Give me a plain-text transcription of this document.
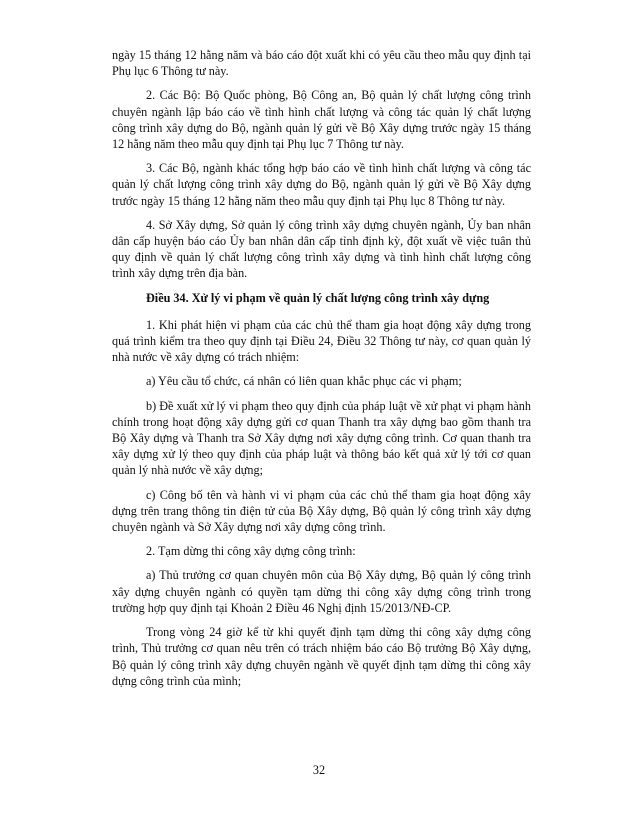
ngày 15 tháng 12 hằng năm và báo cáo đột xuất khi có yêu cầu theo mẫu quy định tại Phụ lục 6 Thông tư này.

2. Các Bộ: Bộ Quốc phòng, Bộ Công an, Bộ quản lý chất lượng công trình chuyên ngành lập báo cáo về tình hình chất lượng và công tác quản lý chất lượng công trình xây dựng do Bộ, ngành quản lý gửi về Bộ Xây dựng trước ngày 15 tháng 12 hằng năm theo mẫu quy định tại Phụ lục 7 Thông tư này.

3. Các Bộ, ngành khác tổng hợp báo cáo về tình hình chất lượng và công tác quản lý chất lượng công trình xây dựng do Bộ, ngành quản lý gửi về Bộ Xây dựng trước ngày 15 tháng 12 hằng năm theo mẫu quy định tại Phụ lục 8 Thông tư này.

4. Sở Xây dựng, Sở quản lý công trình xây dựng chuyên ngành, Ủy ban nhân dân cấp huyện báo cáo Ủy ban nhân dân cấp tỉnh định kỳ, đột xuất về việc tuân thủ quy định về quản lý chất lượng công trình xây dựng và tình hình chất lượng công trình xây dựng trên địa bàn.

Điều 34. Xử lý vi phạm về quản lý chất lượng công trình xây dựng

1. Khi phát hiện vi phạm của các chủ thể tham gia hoạt động xây dựng trong quá trình kiểm tra theo quy định tại Điều 24, Điều 32 Thông tư này, cơ quan quản lý nhà nước về xây dựng có trách nhiệm:

a) Yêu cầu tổ chức, cá nhân có liên quan khắc phục các vi phạm;

b) Đề xuất xử lý vi phạm theo quy định của pháp luật về xử phạt vi phạm hành chính trong hoạt động xây dựng gửi cơ quan Thanh tra xây dựng bao gồm thanh tra Bộ Xây dựng và Thanh tra Sở Xây dựng nơi xây dựng công trình. Cơ quan thanh tra xây dựng xử lý theo quy định của pháp luật và thông báo kết quả xử lý tới cơ quan quản lý nhà nước về xây dựng;

c) Công bố tên và hành vi vi phạm của các chủ thể tham gia hoạt động xây dựng trên trang thông tin điện tử của Bộ Xây dựng, Bộ quản lý công trình xây dựng chuyên ngành và Sở Xây dựng nơi xây dựng công trình.

2. Tạm dừng thi công xây dựng công trình:

a) Thủ trưởng cơ quan chuyên môn của Bộ Xây dựng, Bộ quản lý công trình xây dựng chuyên ngành có quyền tạm dừng thi công xây dựng công trình trong trường hợp quy định tại Khoản 2 Điều 46 Nghị định 15/2013/NĐ-CP.

Trong vòng 24 giờ kể từ khi quyết định tạm dừng thi công xây dựng công trình, Thủ trưởng cơ quan nêu trên có trách nhiệm báo cáo Bộ trưởng Bộ Xây dựng, Bộ quản lý công trình xây dựng chuyên ngành về quyết định tạm dừng thi công xây dựng công trình của mình;

32
